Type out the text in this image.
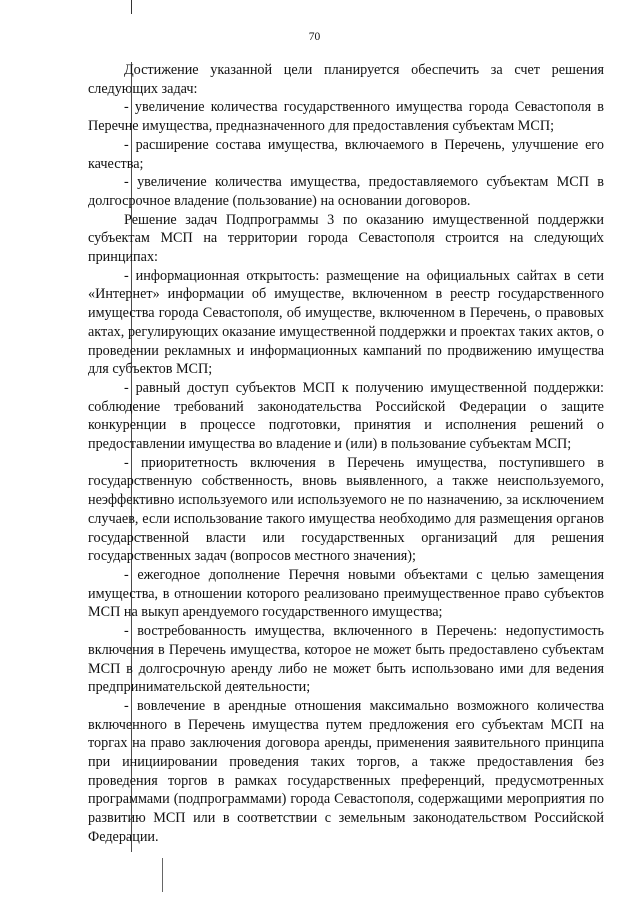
70

Достижение указанной цели планируется обеспечить за счет решения следующих задач:

- увеличение количества государственного имущества города Севастополя в Перечне имущества, предназначенного для предоставления субъектам МСП;

- расширение состава имущества, включаемого в Перечень, улучшение его качества;

- увеличение количества имущества, предоставляемого субъектам МСП в долгосрочное владение (пользование) на основании договоров.

Решение задач Подпрограммы 3 по оказанию имущественной поддержки субъектам МСП на территории города Севастополя строится на следующих принципах:

- информационная открытость: размещение на официальных сайтах в сети «Интернет» информации об имуществе, включенном в реестр государственного имущества города Севастополя, об имуществе, включенном в Перечень, о правовых актах, регулирующих оказание имущественной поддержки и проектах таких актов, о проведении рекламных и информационных кампаний по продвижению имущества для субъектов МСП;

- равный доступ субъектов МСП к получению имущественной поддержки: соблюдение требований законодательства Российской Федерации о защите конкуренции в процессе подготовки, принятия и исполнения решений о предоставлении имущества во владение и (или) в пользование субъектам МСП;

- приоритетность включения в Перечень имущества, поступившего в государственную собственность, вновь выявленного, а также неиспользуемого, неэффективно используемого или используемого не по назначению, за исключением случаев, если использование такого имущества необходимо для размещения органов государственной власти или государственных организаций для решения государственных задач (вопросов местного значения);

- ежегодное дополнение Перечня новыми объектами с целью замещения имущества, в отношении которого реализовано преимущественное право субъектов МСП на выкуп арендуемого государственного имущества;

- востребованность имущества, включенного в Перечень: недопустимость включения в Перечень имущества, которое не может быть предоставлено субъектам МСП в долгосрочную аренду либо не может быть использовано ими для ведения предпринимательской деятельности;

- вовлечение в арендные отношения максимально возможного количества включенного в Перечень имущества путем предложения его субъектам МСП на торгах на право заключения договора аренды, применения заявительного принципа при инициировании проведения таких торгов, а также предоставления без проведения торгов в рамках государственных преференций, предусмотренных программами (подпрограммами) города Севастополя, содержащими мероприятия по развитию МСП или в соответствии с земельным законодательством Российской Федерации.
